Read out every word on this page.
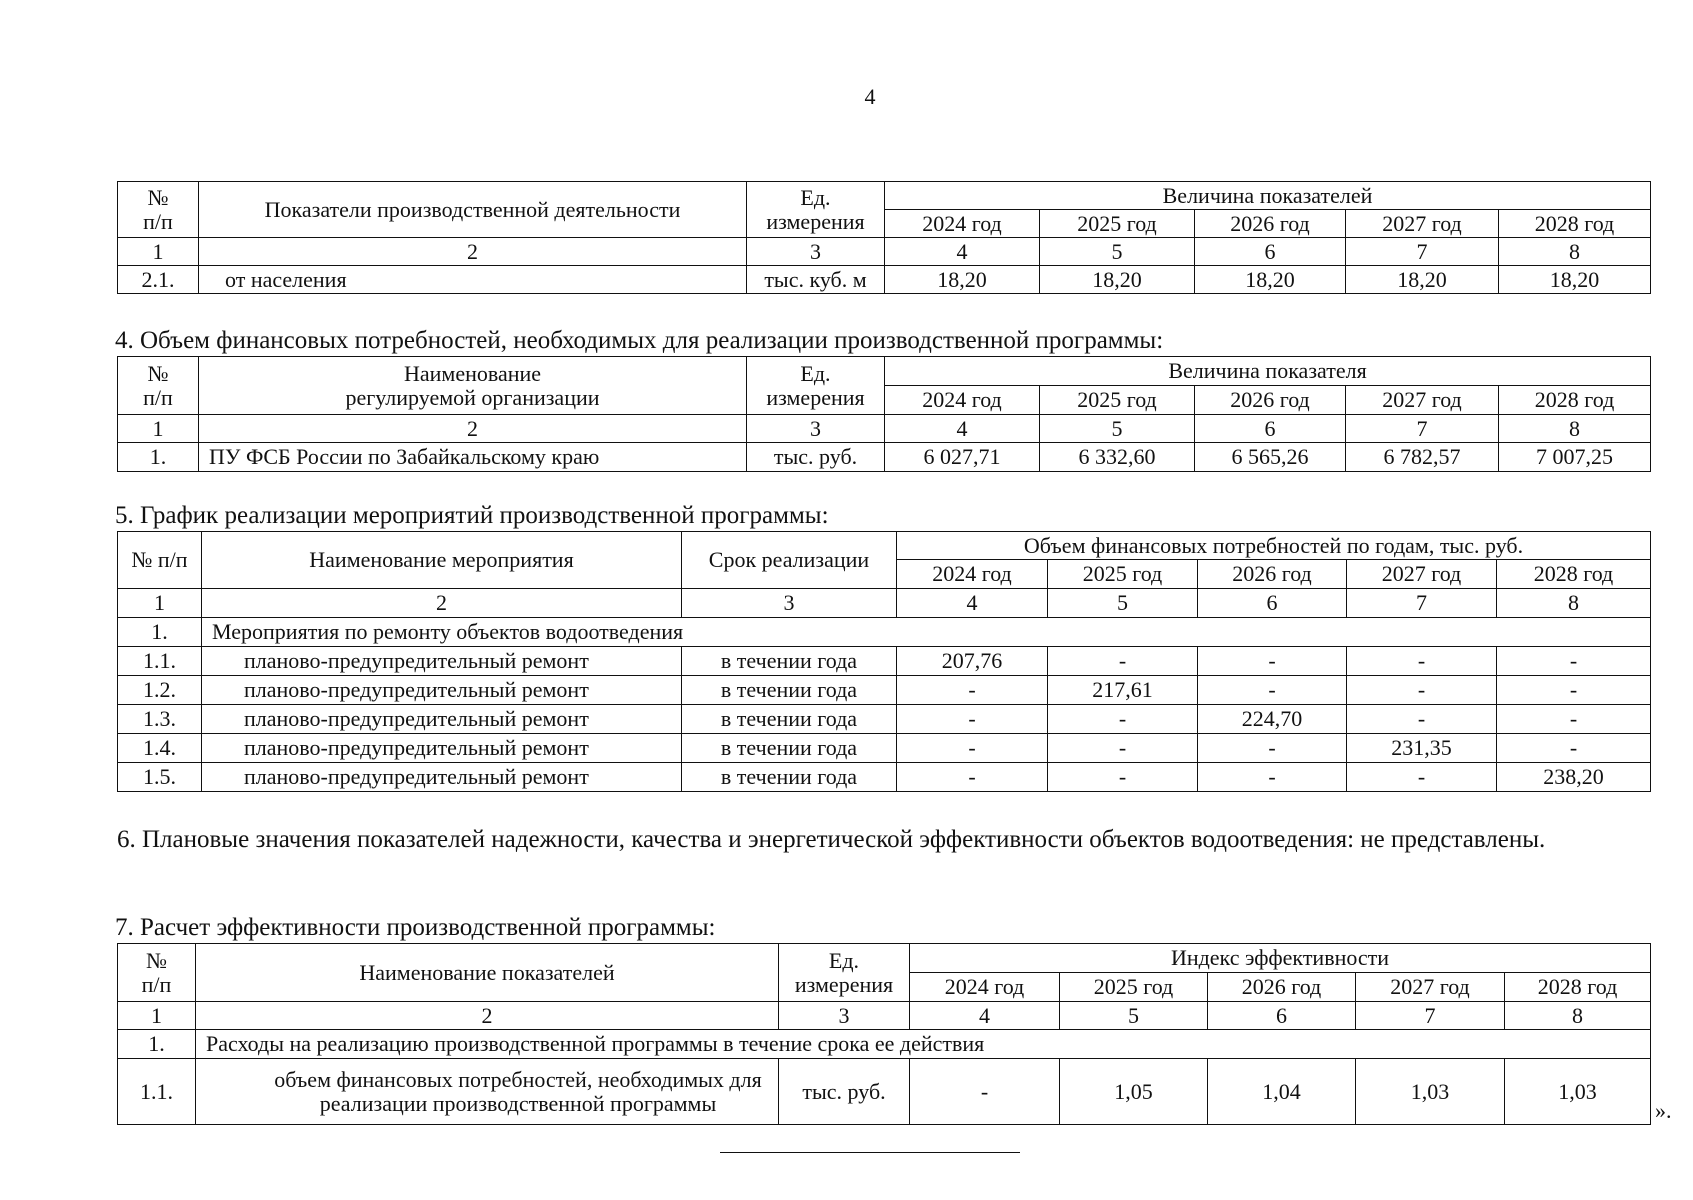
4
№
п/п	Показатели производственной деятельности	Ед.
измерения	Величина показателей				
			2024 год	2025 год	2026 год	2027 год	2028 год
1	2	3	4	5	6	7	8
2.1.	от населения	тыс. куб. м	18,20	18,20	18,20	18,20	18,20
4. Объем финансовых потребностей, необходимых для реализации производственной программы:
№
п/п	Наименование
регулируемой организации	Ед.
измерения	Величина показателя				
			2024 год	2025 год	2026 год	2027 год	2028 год
1	2	3	4	5	6	7	8
1.	ПУ ФСБ России по Забайкальскому краю	тыс. руб.	6 027,71	6 332,60	6 565,26	6 782,57	7 007,25
5. График реализации мероприятий производственной программы:
№ п/п	Наименование мероприятия	Срок реализации	Объем финансовых потребностей по годам, тыс. руб.				
			2024 год	2025 год	2026 год	2027 год	2028 год
1	2	3	4	5	6	7	8
1.	Мероприятия по ремонту объектов водоотведения						
1.1.	планово-предупредительный ремонт	в течении года	207,76	-	-	-	-
1.2.	планово-предупредительный ремонт	в течении года	-	217,61	-	-	-
1.3.	планово-предупредительный ремонт	в течении года	-	-	224,70	-	-
1.4.	планово-предупредительный ремонт	в течении года	-	-	-	231,35	-
1.5.	планово-предупредительный ремонт	в течении года	-	-	-	-	238,20
6. Плановые значения показателей надежности, качества и энергетической эффективности объектов водоотведения: не представлены.
7. Расчет эффективности производственной программы:
№
п/п	Наименование показателей	Ед.
измерения	Индекс эффективности				
			2024 год	2025 год	2026 год	2027 год	2028 год
1	2	3	4	5	6	7	8
1.	Расходы на реализацию производственной программы в течение срока ее действия						
1.1.	объем финансовых потребностей, необходимых для реализации производственной программы	тыс. руб.	-	1,05	1,04	1,03	1,03
».
